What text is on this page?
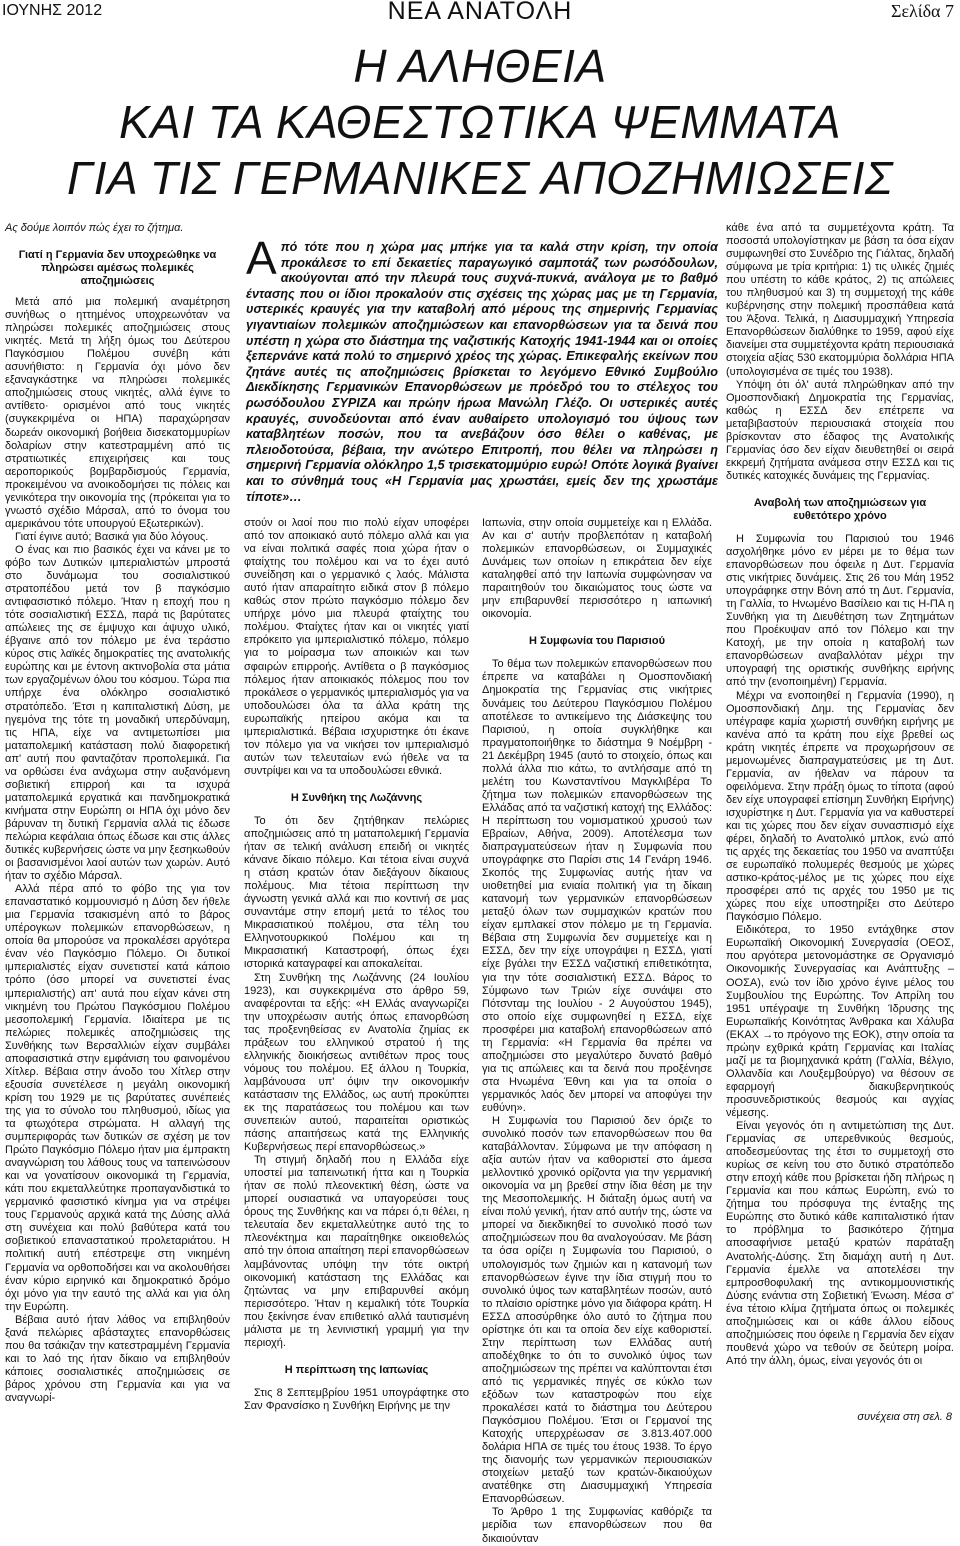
ΙΟΥΝΗΣ 2012	ΝΕΑ ΑΝΑΤΟΛΗ	Σελίδα 7
Η ΑΛΗΘΕΙΑ
ΚΑΙ ΤΑ ΚΑΘΕΣΤΩΤΙΚΑ ΨΕΜΜΑΤΑ
ΓΙΑ ΤΙΣ ΓΕΡΜΑΝΙΚΕΣ ΑΠΟΖΗΜΙΩΣΕΙΣ
Από τότε που η χώρα μας μπήκε για τα καλά στην κρίση, την οποία προκάλεσε το επί δεκαετίες παραγωγικό σαμποτάζ των ρωσόδουλων, ακούγονται από την πλευρά τους συχνά-πυκνά, ανάλογα με το βαθμό έντασης που οι ίδιοι προκαλούν στις σχέσεις της χώρας μας με τη Γερμανία, υστερικές κραυγές για την καταβολή από μέρους της σημερινής Γερμανίας γιγαντιαίων πολεμικών αποζημιώσεων και επανορθώσεων για τα δεινά που υπέστη η χώρα στο διάστημα της ναζιστικής Κατοχής 1941-1944 και οι οποίες ξεπερνάνε κατά πολύ το σημερινό χρέος της χώρας. Επικεφαλής εκείνων που ζητάνε αυτές τις αποζημιώσεις βρίσκεται το λεγόμενο Εθνικό Συμβούλιο Διεκδίκησης Γερμανικών Επανορθώσεων με πρόεδρό του το στέλεχος του ρωσόδουλου ΣΥΡΙΖΑ και πρώην ήρωα Μανώλη Γλέζο. Οι υστερικές αυτές κραυγές, συνοδεύονται από έναν αυθαίρετο υπολογισμό του ύψους των καταβλητέων ποσών, που τα ανεβάζουν όσο θέλει ο καθένας, με πλειοδοτούσα, βέβαια, την ανώτερο Επιτροπή, που θέλει να πληρώσει η σημερινή Γερμανία ολόκληρο 1,5 τρισεκατομμύριο ευρώ! Οπότε λογικά βγαίνει και το σύνθημά τους «Η Γερμανία μας χρωστάει, εμείς δεν της χρωστάμε τίποτε»…

Ας δούμε λοιπόν πώς έχει το ζήτημα.

Γιατί η Γερμανία δεν υποχρεώθηκε να πληρώσει αμέσως πολεμικές αποζημιώσεις

Μετά από μια πολεμική αναμέτρηση συνήθως ο ηττημένος υποχρεωνόταν να πληρώσει πολεμικές αποζημιώσεις στους νικητές. Μετά τη λήξη όμως του Δεύτερου Παγκόσμιου Πολέμου συνέβη κάτι ασυνήθιστο: η Γερμανία όχι μόνο δεν εξαναγκάστηκε να πληρώσει πολεμικές αποζημιώσεις στους νικητές, αλλά έγινε το αντίθετο· ορισμένοι από τους νικητές (συγκεκριμένα οι ΗΠΑ) παραχώρησαν δωρεάν οικονομική βοήθεια δισεκατομμυρίων δολαρίων στην κατεστραμμένη από τις στρατιωτικές επιχειρήσεις και τους αεροπορικούς βομβαρδισμούς Γερμανία, προκειμένου να ανοικοδομήσει τις πόλεις και γενικότερα την οικονομία της (πρόκειται για το γνωστό σχέδιο Μάρσαλ, από το όνομα του αμερικάνου τότε υπουργού Εξωτερικών).

Γιατί έγινε αυτό; Βασικά για δύο λόγους.

Ο ένας και πιο βασικός έχει να κάνει με το φόβο των Δυτικών ιμπεριαλιστών μπροστά στο δυνάμωμα του σοσιαλιστικού στρατοπέδου μετά τον β παγκόσμιο αντιφασιστικό πόλεμο. Ήταν η εποχή που η τότε σοσιαλιστική ΕΣΣΔ, παρά τις βαρύτατες απώλειες της σε έμψυχο και άψυχο υλικό, έβγαινε από τον πόλεμο με ένα τεράστιο κύρος στις λαϊκές δημοκρατίες της ανατολικής ευρώπης και με έντονη ακτινοβολία στα μάτια των εργαζομένων όλου του κόσμου. Τώρα πια υπήρχε ένα ολόκληρο σοσιαλιστικό στρατόπεδο. Έτσι η καπιταλιστική Δύση, με ηγεμόνα της τότε τη μοναδική υπερδύναμη, τις ΗΠΑ, είχε να αντιμετωπίσει μια ματαπολεμική κατάσταση πολύ διαφορετική απ' αυτή που φανταζόταν προπολεμικά. Για να ορθώσει ένα ανάχωμα στην αυξανόμενη σοβιετική επιρροή και τα ισχυρά ματαπολεμικά εργατικά και πανδημοκρατικά κινήματα στην Ευρώπη οι ΗΠΑ όχι μόνο δεν βάρυναν τη δυτική Γερμανία αλλά τις έδωσε πελώρια κεφάλαια όπως έδωσε και στις άλλες δυτικές κυβερνήσεις ώστε να μην ξεσηκωθούν οι βασανισμένοι λαοί αυτών των χωρών. Αυτό ήταν το σχέδιο Μάρσαλ.

Αλλά πέρα από το φόβο της για τον επαναστατικό κομμουνισμό η Δύση δεν ήθελε μια Γερμανία τσακισμένη από το βάρος υπέρογκων πολεμικών επανορθώσεων, η οποία θα μπορούσε να προκαλέσει αργότερα έναν νέο Παγκόσμιο Πόλεμο. Οι δυτικοί ιμπεριαλιστές είχαν συνετιστεί κατά κάποιο τρόπο (όσο μπορεί να συνετιστεί ένας ιμπεριαλιστής) απ' αυτά που είχαν κάνει στη νικημένη του Πρώτου Παγκόσμιου Πολέμου μεσοπολεμική Γερμανία. Ιδιαίτερα με τις πελώριες πολεμικές αποζημιώσεις της Συνθήκης των Βερσαλλιών είχαν συμβάλει αποφασιστικά στην εμφάνιση του φαινομένου Χίτλερ. Βέβαια στην άνοδο του Χίτλερ στην εξουσία συνετέλεσε η μεγάλη οικονομική κρίση του 1929 με τις βαρύτατες συνέπειές της για το σύνολο του πληθυσμού, ιδίως για τα φτωχότερα στρώματα. Η αλλαγή της συμπεριφοράς των δυτικών σε σχέση με τον Πρώτο Παγκόσμιο Πόλεμο ήταν μια έμπρακτη αναγνώριση του λάθους τους να ταπεινώσουν και να γονατίσουν οικονομικά τη Γερμανία, κάτι που εκμεταλλεύτηκε προπαγανδιστικά το γερμανικό φασιστικό κίνημα για να στρέψει τους Γερμανούς αρχικά κατά της Δύσης αλλά στη συνέχεια και πολύ βαθύτερα κατά του σοβιετικού επαναστατικού προλεταριάτου. Η πολιτική αυτή επέστρεψε στη νικημένη Γερμανία να ορθοποδήσει και να ακολουθήσει έναν κύριο ειρηνικό και δημοκρατικό δρόμο όχι μόνο για την εαυτό της αλλά και για όλη την Ευρώπη.

Βέβαια αυτό ήταν λάθος να επιβληθούν ξανά πελώριες αβάσταχτες επανορθώσεις που θα τσάκιζαν την κατεστραμμένη Γερμανία και το λαό της ήταν δίκαιο να επιβληθούν κάποιες σοσιαλιστικές αποζημιώσεις σε βάρος χρόνου στη Γερμανία και για να αναγνωρί-

στούν οι λαοί που πιο πολύ είχαν υποφέρει από τον αποικιακό αυτό πόλεμο αλλά και για να είναι πολιτικά σαφές ποια χώρα ήταν ο φταίχτης του πολέμου και να το έχει αυτό συνείδηση και ο γερμανικό ς λαός. Μάλιστα αυτό ήταν απαραίτητο ειδικά στον β πόλεμο καθώς στον πρώτο παγκόσμιο πόλεμο δεν υπήρχε μόνο μια πλευρά φταίχτης του πολέμου. Φταίχτες ήταν και οι νικητές γιατί επρόκειτο για ιμπεριαλιστικό πόλεμο, πόλεμο για το μοίρασμα των αποικιών και των σφαιρών επιρροής. Αντίθετα ο β παγκόσμιος πόλεμος ήταν αποικιακός πόλεμος που τον προκάλεσε ο γερμανικός ιμπεριαλισμός για να υποδουλώσει όλα τα άλλα κράτη της ευρωπαϊκής ηπείρου ακόμα και τα ιμπεριαλιστικά. Βέβαια ισχυριστηκε ότι έκανε τον πόλεμο για να νικήσει τον ιμπεριαλισμό αυτών των τελευταίων ενώ ήθελε να τα συντρίψει και να τα υποδουλώσει εθνικά.

Η Συνθήκη της Λωζάννης

Το ότι δεν ζητήθηκαν πελώριες αποζημιώσεις από τη ματαπολεμική Γερμανία ήταν σε τελική ανάλυση επειδή οι νικητές κάνανε δίκαιο πόλεμο. Και τέτοια είναι συχνά η στάση κρατών όταν διεξάγουν δίκαιους πολέμους. Μια τέτοια περίπτωση την άγνωστη γενικά αλλά και πιο κοντινή σε μας συναντάμε στην επομή μετά το τέλος του Μικρασιατικού πολέμου, στα τέλη του Ελληνοτουρκικού Πολέμου και τη Μικρασιατική Καταστροφή, όπως έχει ιστορικά καταγραφεί και αποκαλείται.

Στη Συνθήκη της Λωζάννης (24 Ιουλίου 1923), και συγκεκριμένα στο άρθρο 59, αναφέρονται τα εξής: «Η Ελλάς αναγνωρίζει την υποχρέωσιν αυτής όπως επανορθώση τας προξενηθείσας εν Ανατολία ζημίας εκ πράξεων του ελληνικού στρατού ή της ελληνικής διοικήσεως αντιθέτων προς τους νόμους του πολέμου. Εξ άλλου η Τουρκία, λαμβάνουσα υπ' όψιν την οικονομικήν κατάστασιν της Ελλάδος, ως αυτή προκύπτει εκ της παρατάσεως του πολέμου και των συνεπειών αυτού, παραιτείται οριστικώς πάσης απαιτήσεως κατά της Ελληνικής Κυβερνήσεως περί επανορθώσεως.»

Τη στιγμή δηλαδή που η Ελλάδα είχε υποστεί μια ταπεινωτική ήττα και η Τουρκία ήταν σε πολύ πλεονεκτική θέση, ώστε να μπορεί ουσιαστικά να υπαγορεύσει τους όρους της Συνθήκης και να πάρει ό,τι θέλει, η τελευταία δεν εκμεταλλεύτηκε αυτό της το πλεονέκτημα και παραίτηθηκε οικειοθελώς από την όποια απαίτηση περί επανορθώσεων λαμβάνοντας υπόψη την τότε οικτρή οικονομική κατάσταση της Ελλάδας και ζητώντας να μην επιβαρυνθεί ακόμη περισσότερο. Ήταν η κεμαλική τότε Τουρκία που ξεκίνησε έναν επιθετικό αλλά ταυτισμένη μάλιστα με τη λενινιστική γραμμή για την περιοχή.

Η περίπτωση της Ιαπωνίας

Στις 8 Σεπτεμβρίου 1951 υπογράφτηκε στο Σαν Φρανσίσκο η Συνθήκη Ειρήνης με την

Ιαπωνία, στην οποία συμμετείχε και η Ελλάδα. Αν και σ' αυτήν προβλεπόταν η καταβολή πολεμικών επανορθώσεων, οι Συμμαχικές Δυνάμεις των οποίων η επικράτεια δεν είχε καταληφθεί από την Ιαπωνία συμφώνησαν να παραιτηθούν του δικαιώματος τους ώστε να μην επιβαρυνθεί περισσότερο η ιαπωνική οικονομία.

Η Συμφωνία του Παρισιού

Το θέμα των πολεμικών επανορθώσεων που έπρεπε να καταβάλει η Ομοσπονδιακή Δημοκρατία της Γερμανίας στις νικήτριες δυνάμεις του Δεύτερου Παγκόσμιου Πολέμου αποτέλεσε το αντικείμενο της Διάσκεψης του Παρισιού, η οποία συγκλήθηκε και πραγματοποιήθηκε το διάστημα 9 Νοέμβρη - 21 Δεκέμβρη 1945 (αυτό το στοιχείο, όπως και πολλά άλλα πιο κάτω, το αντλήσαμε από τη μελέτη του Κωνσταντίνου Μαγκλιβέρα Το ζήτημα των πολεμικών επανορθώσεων της Ελλάδας από τα ναζιστική κατοχή της Ελλάδος: Η περίπτωση του νομισματικού χρυσού των Εβραίων, Αθήνα, 2009). Αποτέλεσμα των διαπραγματεύσεων ήταν η Συμφωνία που υπογράφηκε στο Παρίσι στις 14 Γενάρη 1946. Σκοπός της Συμφωνίας αυτής ήταν να υιοθετηθεί μια ενιαία πολιτική για τη δίκαιη κατανομή των γερμανικών επανορθώσεων μεταξύ όλων των συμμαχικών κρατών που είχαν εμπλακεί στον πόλεμο με τη Γερμανία. Βέβαια στη Συμφωνία δεν συμμετείχε και η ΕΣΣΔ, δεν την είχε υπογράψει η ΕΣΣΔ, γιατί είχε βγάλει την ΕΣΣΔ ναζιστική επιθετικότητα, για την τότε σοσιαλιστική ΕΣΣΔ. Βάρος το Σύμφωνο των Τριών είχε συνάψει στο Πότσνταμ της Ιουλίου - 2 Αυγούστου 1945), στο οποίο είχε συμφωνηθεί η ΕΣΣΔ, είχε προσφέρει μια καταβολή επανορθώσεων από τη Γερμανία: «Η Γερμανία θα πρέπει να αποζημιώσει στο μεγαλύτερο δυνατό βαθμό για τις απώλειες και τα δεινά που προξένησε στα Ηνωμένα Έθνη και για τα οποία ο γερμανικός λαός δεν μπορεί να αποφύγει την ευθύνη».

Η Συμφωνία του Παρισιού δεν όριζε το συνολικό ποσόν των επανορθώσεων που θα καταβάλλονταν. Σύμφωνα με την απόφαση η αξία αυτών ήταν να καθοριστεί στο άμεσα μελλοντικό χρονικό ορίζοντα για την γερμανική οικονομία να μη βρεθεί στην ίδια θέση με την της Μεσοπολεμικής. Η διάταξη όμως αυτή να είναι πολύ γενική, ήταν από αυτήν της, ώστε να μπορεί να διεκδικηθεί το συνολικό ποσό των αποζημιώσεων που θα αναλογούσαν. Με βάση τα όσα ορίζει η Συμφωνία του Παρισιού, ο υπολογισμός των ζημιών και η κατανομή των επανορθώσεων έγινε την ίδια στιγμή που το συνολικό ύψος των καταβλητέων ποσών, αυτό το πλαίσιο ορίστηκε μόνο για διάφορα κράτη. Η ΕΣΣΔ αποσύρθηκε όλο αυτό το ζήτημα που ορίστηκε ότι και τα οποία δεν είχε καθοριστεί. Στην περίπτωση των Ελλάδας αυτή αποδέχθηκε το ότι το συνολικό ύψος των αποζημιώσεων της πρέπει να καλύπτονται έτσι από τις γερμανικές πηγές σε κύκλο των εξόδων των καταστροφών που είχε προκαλέσει κατά το διάστημα του Δεύτερου Παγκόσμιου Πολέμου. Έτσι οι Γερμανοί της Κατοχής υπερχρέωσαν σε 3.813.407.000 δολάρια ΗΠΑ σε τιμές του έτους 1938. Το έργο της διανομής των γερμανικών περιουσιακών στοιχείων μεταξύ των κρατών-δικαιούχων ανατέθηκε στη Διασυμμαχική Υπηρεσία Επανορθώσεων.

Το Άρθρο 1 της Συμφωνίας καθόριζε τα μερίδια των επανορθώσεων που θα δικαιούνταν

κάθε ένα από τα συμμετέχοντα κράτη. Τα ποσοστά υπολογίστηκαν με βάση τα όσα είχαν συμφωνηθεί στο Συνέδριο της Γιάλτας, δηλαδή σύμφωνα με τρία κριτήρια: 1) τις υλικές ζημιές που υπέστη το κάθε κράτος, 2) τις απώλειες του πληθυσμού και 3) τη συμμετοχή της κάθε κυβέρνησης στην πολεμική προσπάθεια κατά του Άξονα. Τελικά, η Διασυμμαχική Υπηρεσία Επανορθώσεων διαλύθηκε το 1959, αφού είχε διανείμει στα συμμετέχοντα κράτη περιουσιακά στοιχεία αξίας 530 εκατομμύρια δολλάρια ΗΠΑ (υπολογισμένα σε τιμές του 1938).

Υπόψη ότι όλ' αυτά πληρώθηκαν από την Ομοσπονδιακή Δημοκρατία της Γερμανίας, καθώς η ΕΣΣΔ δεν επέτρεπε να μεταβιβαστούν περιουσιακά στοιχεία που βρίσκονταν στο έδαφος της Ανατολικής Γερμανίας όσο δεν είχαν διευθετηθεί οι σειρά εκκρεμή ζητήματα ανάμεσα στην ΕΣΣΔ και τις δυτικές κατοχικές δυνάμεις της Γερμανίας.

Αναβολή των αποζημιώσεων για ευθετότερο χρόνο

Η Συμφωνία του Παρισιού του 1946 ασχολήθηκε μόνο εν μέρει με το θέμα των επανορθώσεων που όφειλε η Δυτ. Γερμανία στις νικήτριες δυνάμεις. Στις 26 του Μάη 1952 υπογράφηκε στην Βόνη από τη Δυτ. Γερμανία, τη Γαλλία, το Ηνωμένο Βασίλειο και τις Η-ΠΑ η Συνθήκη για τη Διευθέτηση των Ζητημάτων που Προέκυψαν από τον Πόλεμο και την Κατοχή, με την οποία η καταβολή των επανορθώσεων αναβαλλόταν μέχρι την υπογραφή της οριστικής συνθήκης ειρήνης από την (ενοποιημένη) Γερμανία.

Μέχρι να ενοποιηθεί η Γερμανία (1990), η Ομοσπονδιακή Δημ. της Γερμανίας δεν υπέγραφε καμία χωριστή συνθήκη ειρήνης με κανένα από τα κράτη που είχε βρεθεί ως κράτη νικητές έπρεπε να προχωρήσουν σε μεμονωμένες διαπραγματεύσεις με τη Δυτ. Γερμανία, αν ήθελαν να πάρουν τα οφειλόμενα. Στην πράξη όμως το τίποτα (αφού δεν είχε υπογραφεί επίσημη Συνθήκη Ειρήνης) ισχυρίστηκε η Δυτ. Γερμανία για να καθυστερεί και τις χώρες που δεν είχαν συνασπισμό είχε φέρει, δηλαδή το Ανατολικό μπλοκ, ενώ από τις αρχές της δεκαετίας του 1950 να αναπτύξει σε ευρωπαϊκό πολυμερές θεσμούς με χώρες αστικο-κράτος-μέλος με τις χώρες που είχε προσφέρει από τις αρχές του 1950 με τις χώρες που είχε υποστηρίξει στο Δεύτερο Παγκόσμιο Πόλεμο.

Ειδικότερα, το 1950 εντάχθηκε στον Ευρωπαϊκή Οικονομική Συνεργασία (ΟΕΟΣ, που αργότερα μετονομάστηκε σε Οργανισμό Οικονομικής Συνεργασίας και Ανάπτυξης – ΟΟΣΑ), ενώ τον ίδιο χρόνο έγινε μέλος του Συμβουλίου της Ευρώπης. Τον Απρίλη του 1951 υπέγραψε τη Συνθήκη Ίδρυσης της Ευρωπαϊκής Κοινότητας Άνθρακα και Χάλυβα (ΕΚΑΧ →το πρόγονο της ΕΟΚ), στην οποία τα πρώην εχθρικά κράτη Γερμανίας και Ιταλίας μαζί με τα βιομηχανικά κράτη (Γαλλία, Βέλγιο, Ολλανδία και Λουξεμβούργο) να θέσουν σε εφαρμογή διακυβερνητικούς προσυνεδριστικούς θεσμούς και αγχίας νέμεσης.

Είναι γεγονός ότι η αντιμετώπιση της Δυτ. Γερμανίας σε υπερεθνικούς θεσμούς, αποδεσμεύοντας της έτσι το συμμετοχή στο κυρίως σε κείνη του στο δυτικό στρατόπεδο στην εποχή κάθε που βρίσκεται ήδη πλήρως η Γερμανία και που κάπως Ευρώπη, ενώ το ζήτημα του πρόσφυγα της ένταξης της Ευρώπης στο δυτικό κάθε καπιταλιστικό ήταν το πρόβλημα το βασικότερο ζήτημα αποσαφήνισε μεταξύ κρατών παράταξη Ανατολής-Δύσης. Στη διαμάχη αυτή η Δυτ. Γερμανία έμελλε να αποτελέσει την εμπροσθοφυλακή της αντικομμουνιστικής Δύσης ενάντια στη Σοβιετική Ένωση. Μέσα σ' ένα τέτοιο κλίμα ζητήματα όπως οι πολεμικές αποζημιώσεις και οι κάθε άλλου είδους αποζημιώσεις που όφειλε η Γερμανία δεν είχαν πουθενά χώρο να τεθούν σε δεύτερη μοίρα. Από την άλλη, όμως, είναι γεγονός ότι οι

συνέχεια στη σελ. 8
